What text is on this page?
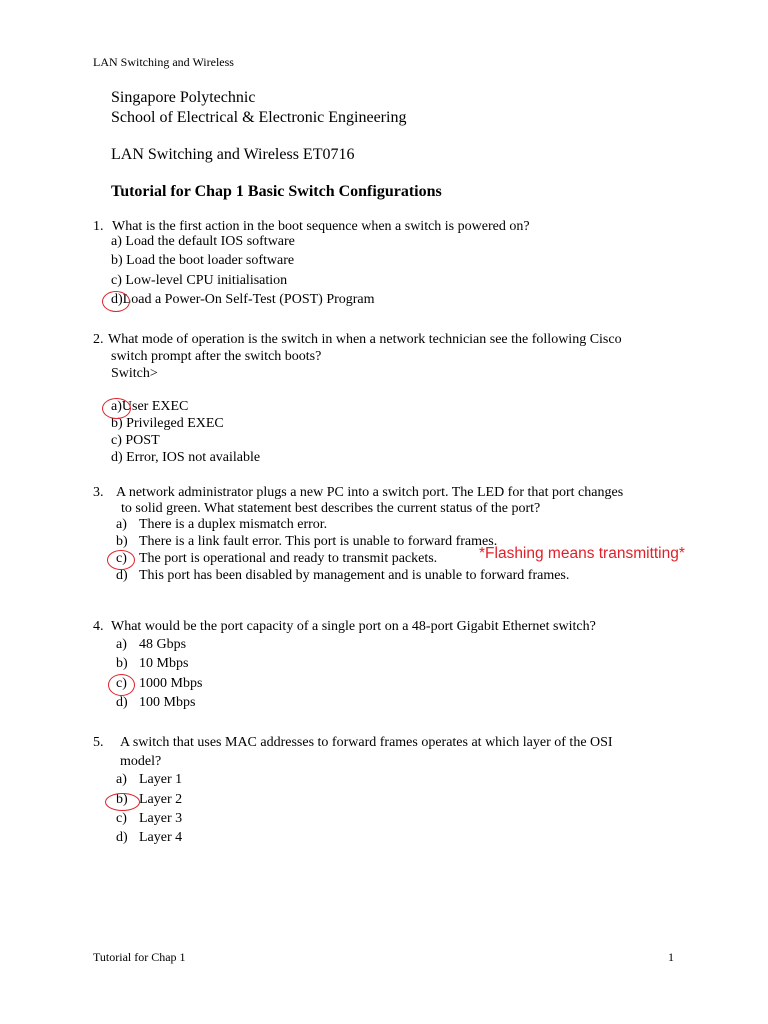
LAN Switching and Wireless
Singapore Polytechnic
School of Electrical & Electronic Engineering
LAN Switching and Wireless ET0716
Tutorial for Chap 1 Basic Switch Configurations
1. What is the first action in the boot sequence when a switch is powered on?
a) Load the default IOS software
b) Load the boot loader software
c) Low-level CPU initialisation
d)Load a Power-On Self-Test (POST) Program
2. What mode of operation is the switch in when a network technician see the following Cisco
switch prompt after the switch boots?
Switch>
a)User EXEC
b) Privileged EXEC
c) POST
d) Error, IOS not available
3. A network administrator plugs a new PC into a switch port. The LED for that port changes
to solid green. What statement best describes the current status of the port?
a) There is a duplex mismatch error.
b) There is a link fault error. This port is unable to forward frames.
c) The port is operational and ready to transmit packets.
d) This port has been disabled by management and is unable to forward frames.
*Flashing means transmitting*
4. What would be the port capacity of a single port on a 48-port Gigabit Ethernet switch?
a) 48 Gbps
b) 10 Mbps
c) 1000 Mbps
d) 100 Mbps
5. A switch that uses MAC addresses to forward frames operates at which layer of the OSI
model?
a) Layer 1
b) Layer 2
c) Layer 3
d) Layer 4
Tutorial for Chap 1	1
